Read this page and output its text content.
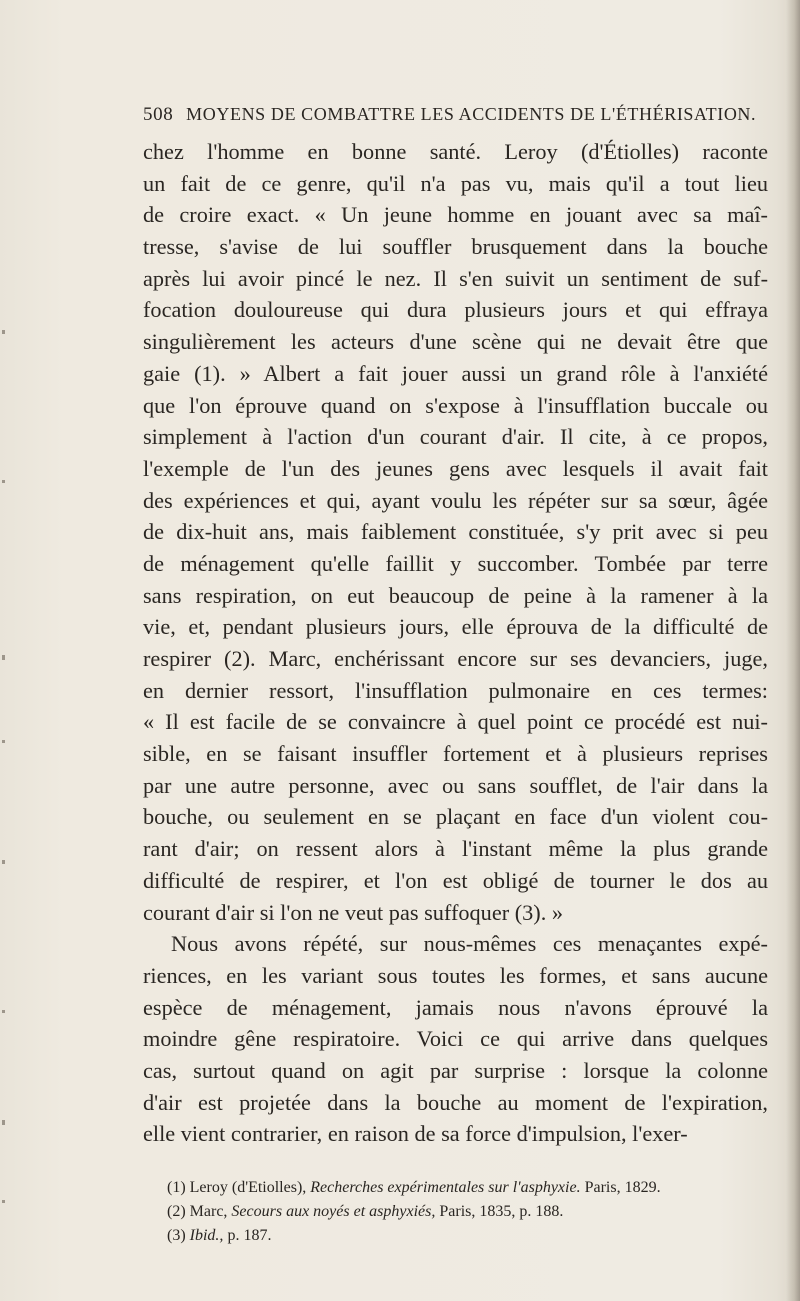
508 MOYENS DE COMBATTRE LES ACCIDENTS DE L'ÉTHÉRISATION.
chez l'homme en bonne santé. Leroy (d'Étiolles) raconte
un fait de ce genre, qu'il n'a pas vu, mais qu'il a tout lieu
de croire exact. « Un jeune homme en jouant avec sa maî-
tresse, s'avise de lui souffler brusquement dans la bouche
après lui avoir pincé le nez. Il s'en suivit un sentiment de suf-
focation douloureuse qui dura plusieurs jours et qui effraya
singulièrement les acteurs d'une scène qui ne devait être que
gaie (1). » Albert a fait jouer aussi un grand rôle à l'anxiété
que l'on éprouve quand on s'expose à l'insufflation buccale ou
simplement à l'action d'un courant d'air. Il cite, à ce propos,
l'exemple de l'un des jeunes gens avec lesquels il avait fait
des expériences et qui, ayant voulu les répéter sur sa sœur, âgée
de dix-huit ans, mais faiblement constituée, s'y prit avec si peu
de ménagement qu'elle faillit y succomber. Tombée par terre
sans respiration, on eut beaucoup de peine à la ramener à la
vie, et, pendant plusieurs jours, elle éprouva de la difficulté de
respirer (2). Marc, enchérissant encore sur ses devanciers, juge,
en dernier ressort, l'insufflation pulmonaire en ces termes:
« Il est facile de se convaincre à quel point ce procédé est nui-
sible, en se faisant insuffler fortement et à plusieurs reprises
par une autre personne, avec ou sans soufflet, de l'air dans la
bouche, ou seulement en se plaçant en face d'un violent cou-
rant d'air; on ressent alors à l'instant même la plus grande
difficulté de respirer, et l'on est obligé de tourner le dos au
courant d'air si l'on ne veut pas suffoquer (3). »
Nous avons répété, sur nous-mêmes ces menaçantes expé-
riences, en les variant sous toutes les formes, et sans aucune
espèce de ménagement, jamais nous n'avons éprouvé la
moindre gêne respiratoire. Voici ce qui arrive dans quelques
cas, surtout quand on agit par surprise : lorsque la colonne
d'air est projetée dans la bouche au moment de l'expiration,
elle vient contrarier, en raison de sa force d'impulsion, l'exer-
(1) Leroy (d'Etiolles), Recherches expérimentales sur l'asphyxie. Paris, 1829.
(2) Marc, Secours aux noyés et asphyxiés, Paris, 1835, p. 188.
(3) Ibid., p. 187.
